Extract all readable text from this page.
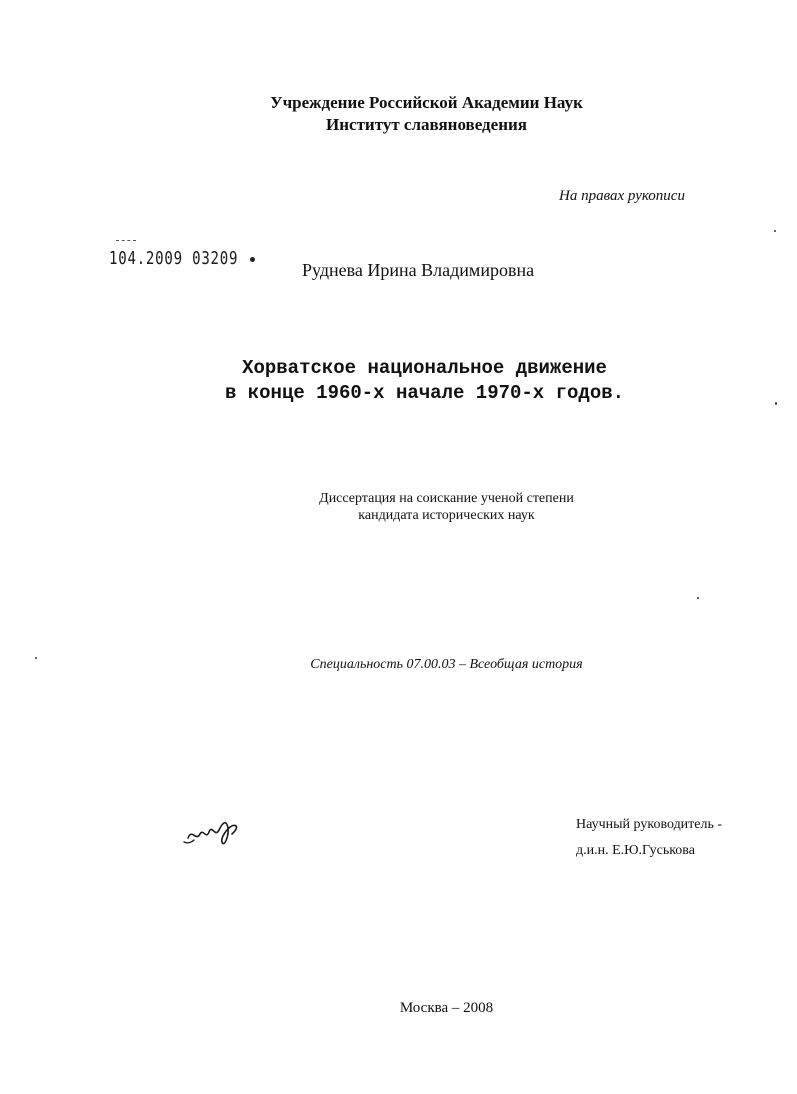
Учреждение Российской Академии Наук
Институт славяноведения
На правах рукописи
104.2009 03209
Руднева Ирина Владимировна
Хорватское национальное движение
в конце 1960-х начале 1970-х годов.
Диссертация на соискание ученой степени
кандидата исторических наук
Специальность 07.00.03 – Всеобщая история
Научный руководитель -
д.и.н. Е.Ю.Гуськова
Москва – 2008
